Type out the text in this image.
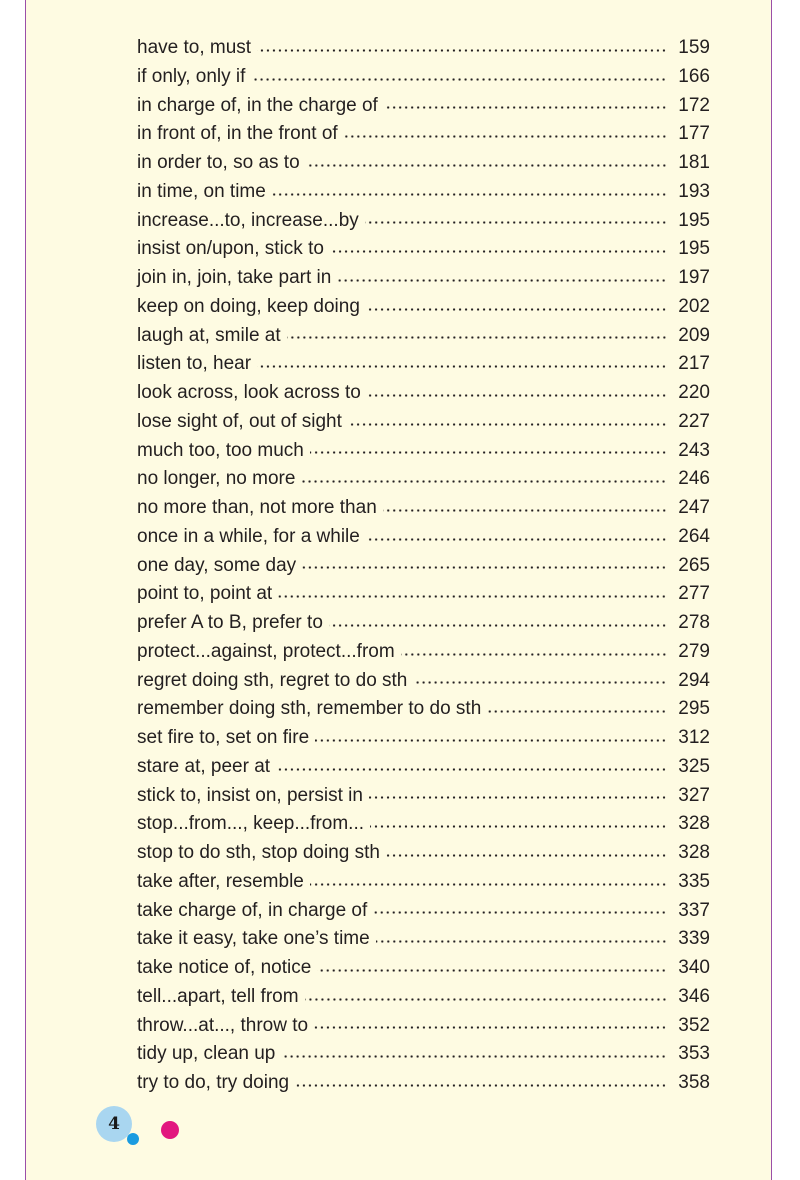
have to, must	159
if only, only if	166
in charge of, in the charge of	172
in front of, in the front of	177
in order to, so as to	181
in time, on time	193
increase...to, increase...by	195
insist on/upon, stick to	195
join in, join, take part in	197
keep on doing, keep doing	202
laugh at, smile at	209
listen to, hear	217
look across, look across to	220
lose sight of, out of sight	227
much too, too much	243
no longer, no more	246
no more than, not more than	247
once in a while, for a while	264
one day, some day	265
point to, point at	277
prefer A to B, prefer to	278
protect...against, protect...from	279
regret doing sth, regret to do sth	294
remember doing sth, remember to do sth	295
set fire to, set on fire	312
stare at, peer at	325
stick to, insist on, persist in	327
stop...from..., keep...from...	328
stop to do sth, stop doing sth	328
take after, resemble	335
take charge of, in charge of	337
take it easy, take one’s time	339
take notice of, notice	340
tell...apart, tell from	346
throw...at..., throw to	352
tidy up, clean up	353
try to do, try doing	358
4
